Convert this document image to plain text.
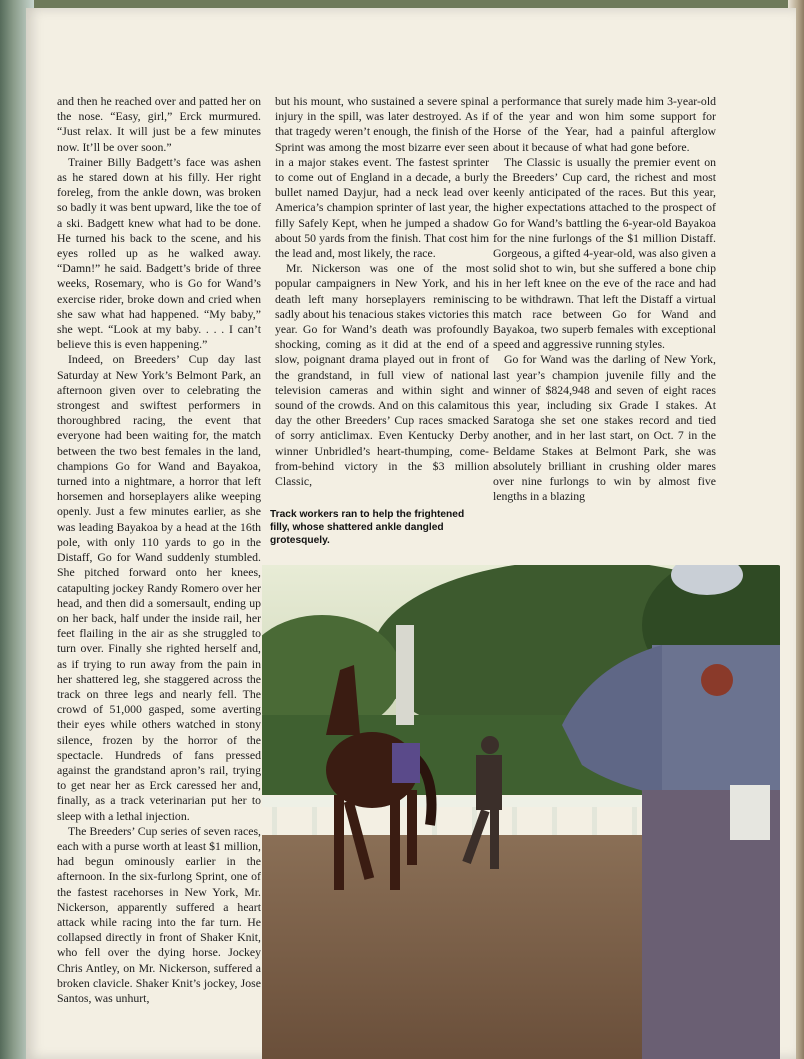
and then he reached over and patted her on the nose. “Easy, girl,” Erck murmured. “Just relax. It will just be a few minutes now. It’ll be over soon.”

Trainer Billy Badgett’s face was ashen as he stared down at his filly. Her right foreleg, from the ankle down, was broken so badly it was bent upward, like the toe of a ski. Badgett knew what had to be done. He turned his back to the scene, and his eyes rolled up as he walked away. “Damn!” he said. Badgett’s bride of three weeks, Rosemary, who is Go for Wand’s exercise rider, broke down and cried when she saw what had happened. “My baby,” she wept. “Look at my baby. . . . I can’t believe this is even happening.”

Indeed, on Breeders’ Cup day last Saturday at New York’s Belmont Park, an afternoon given over to celebrating the strongest and swiftest performers in thoroughbred racing, the event that everyone had been waiting for, the match between the two best females in the land, champions Go for Wand and Bayakoa, turned into a nightmare, a horror that left horsemen and horseplayers alike weeping openly. Just a few minutes earlier, as she was leading Bayakoa by a head at the 16th pole, with only 110 yards to go in the Distaff, Go for Wand suddenly stumbled. She pitched forward onto her knees, catapulting jockey Randy Romero over her head, and then did a somersault, ending up on her back, half under the inside rail, her feet flailing in the air as she struggled to turn over. Finally she righted herself and, as if trying to run away from the pain in her shattered leg, she staggered across the track on three legs and nearly fell. The crowd of 51,000 gasped, some averting their eyes while others watched in stony silence, frozen by the horror of the spectacle. Hundreds of fans pressed against the grandstand apron’s rail, trying to get near her as Erck caressed her and, finally, as a track veterinarian put her to sleep with a lethal injection.

The Breeders’ Cup series of seven races, each with a purse worth at least $1 million, had begun ominously earlier in the afternoon. In the six-furlong Sprint, one of the fastest racehorses in New York, Mr. Nickerson, apparently suffered a heart attack while racing into the far turn. He collapsed directly in front of Shaker Knit, who fell over the dying horse. Jockey Chris Antley, on Mr. Nickerson, suffered a broken clavicle. Shaker Knit’s jockey, Jose Santos, was unhurt,

but his mount, who sustained a severe spinal injury in the spill, was later destroyed. As if that tragedy weren’t enough, the finish of the Sprint was among the most bizarre ever seen in a major stakes event. The fastest sprinter to come out of England in a decade, a burly bullet named Dayjur, had a neck lead over America’s champion sprinter of last year, the filly Safely Kept, when he jumped a shadow about 50 yards from the finish. That cost him the lead and, most likely, the race.

Mr. Nickerson was one of the most popular campaigners in New York, and his death left many horseplayers reminiscing sadly about his tenacious stakes victories this year. Go for Wand’s death was profoundly shocking, coming as it did at the end of a slow, poignant drama played out in front of the grandstand, in full view of national television cameras and within sight and sound of the crowds. And on this calamitous day the other Breeders’ Cup races smacked of sorry anticlimax. Even Kentucky Derby winner Unbridled’s heart-thumping, come-from-behind victory in the $3 million Classic,

a performance that surely made him 3-year-old of the year and won him some support for Horse of the Year, had a painful afterglow about it because of what had gone before.

The Classic is usually the premier event on the Breeders’ Cup card, the richest and most keenly anticipated of the races. But this year, higher expectations attached to the prospect of Go for Wand’s battling the 6-year-old Bayakoa for the nine furlongs of the $1 million Distaff. Gorgeous, a gifted 4-year-old, was also given a solid shot to win, but she suffered a bone chip in her left knee on the eve of the race and had to be withdrawn. That left the Distaff a virtual match race between Go for Wand and Bayakoa, two superb females with exceptional speed and aggressive running styles.

Go for Wand was the darling of New York, last year’s champion juvenile filly and the winner of $824,948 and seven of eight races this year, including six Grade I stakes. At Saratoga she set one stakes record and tied another, and in her last start, on Oct. 7 in the Beldame Stakes at Belmont Park, she was absolutely brilliant in crushing older mares over nine furlongs to win by almost five lengths in a blazing

Track workers ran to help the frightened filly, whose shattered ankle dangled grotesquely.
